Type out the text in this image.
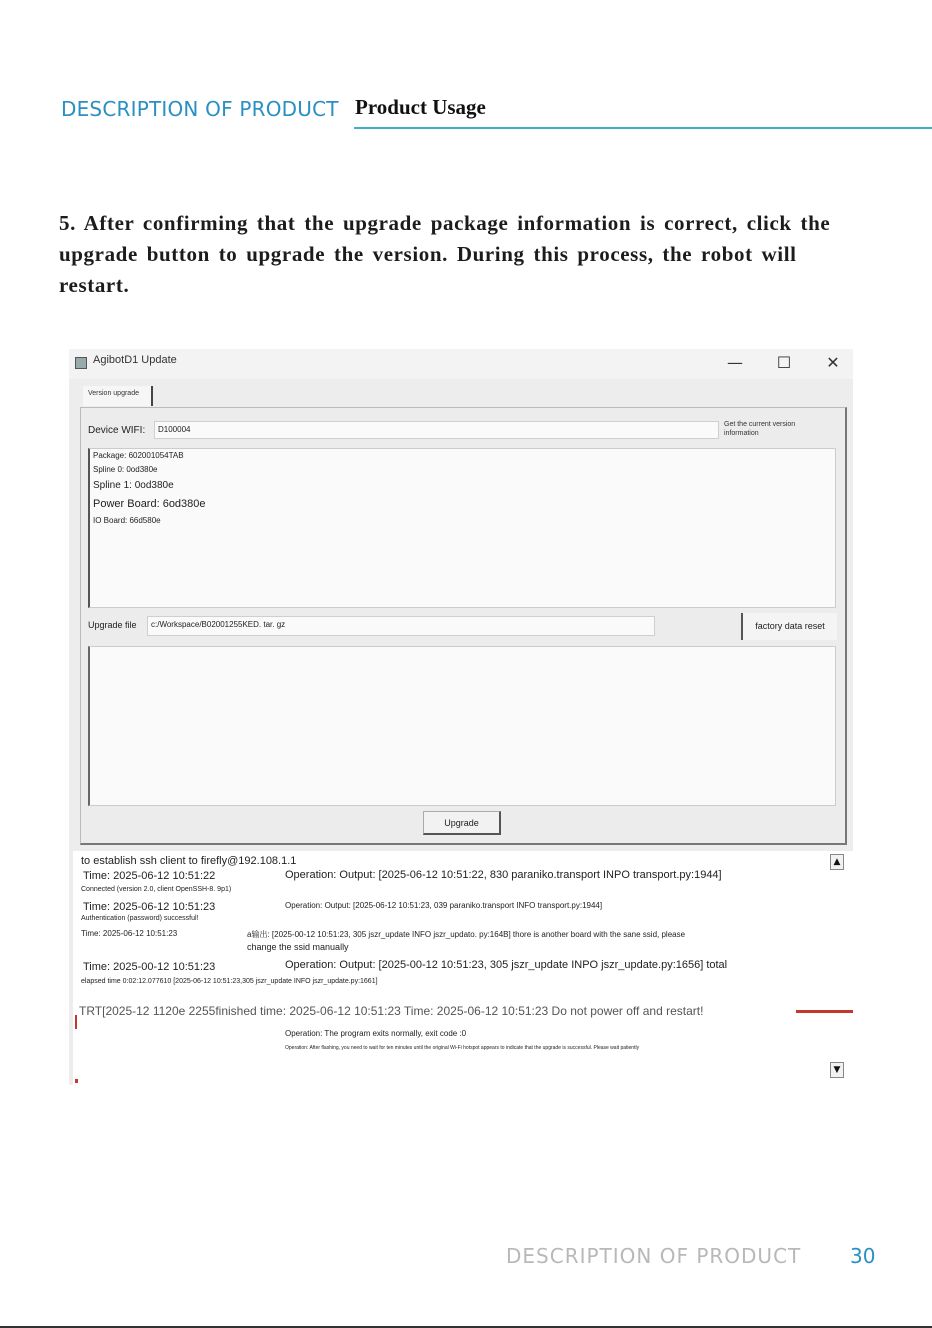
DESCRIPTION OF PRODUCT Product Usage
5. After confirming that the upgrade package information is correct, click the upgrade button to upgrade the version. During this process, the robot will restart.
AgibotD1 Update	—	☐	✕
Version upgrade
Device WIFI:	D100004
Get the current version information
Package: 602001054TAB
Spline 0: 0od380e
Spline 1: 0od380e
Power Board: 6od380e
IO Board: 66d580e
Upgrade file	c:/Workspace/B02001255KED. tar. gz	factory data reset
Upgrade
to establish ssh client to firefly@192.108.1.1
Time: 2025-06-12 10:51:22	Operation: Output: [2025-06-12 10:51:22, 830 paraniko.transport INPO transport.py:1944]
Connected (version 2.0, client OpenSSH-8. 9p1)
Time: 2025-06-12 10:51:23	Operation: Output: [2025-06-12 10:51:23, 039 paraniko.transport INFO transport.py:1944]
Authentication (password) successful!
Time: 2025-06-12 10:51:23	a输出: [2025-00-12 10:51:23, 305 jszr_update INFO jszr_updato. py:164B] thore is another board with the sane ssid, please
change the ssid manually
Time: 2025-00-12 10:51:23	Operation: Output: [2025-00-12 10:51:23, 305 jszr_update INPO jszr_update.py:1656] total
elapsed time 0:02:12.077610 [2025-06-12 10:51:23,305 jszr_update INFO jszr_update.py:1661]
TRT[2025-12 1120e 2255finished time: 2025-06-12 10:51:23 Time: 2025-06-12 10:51:23 Do not power off and restart!
Operation: The program exits normally, exit code :0
Operation: After flashing, you need to wait for ten minutes until the original Wi-Fi hotspot appears to indicate that the upgrade is successful. Please wait patiently
▲
▼
DESCRIPTION OF PRODUCT 30
